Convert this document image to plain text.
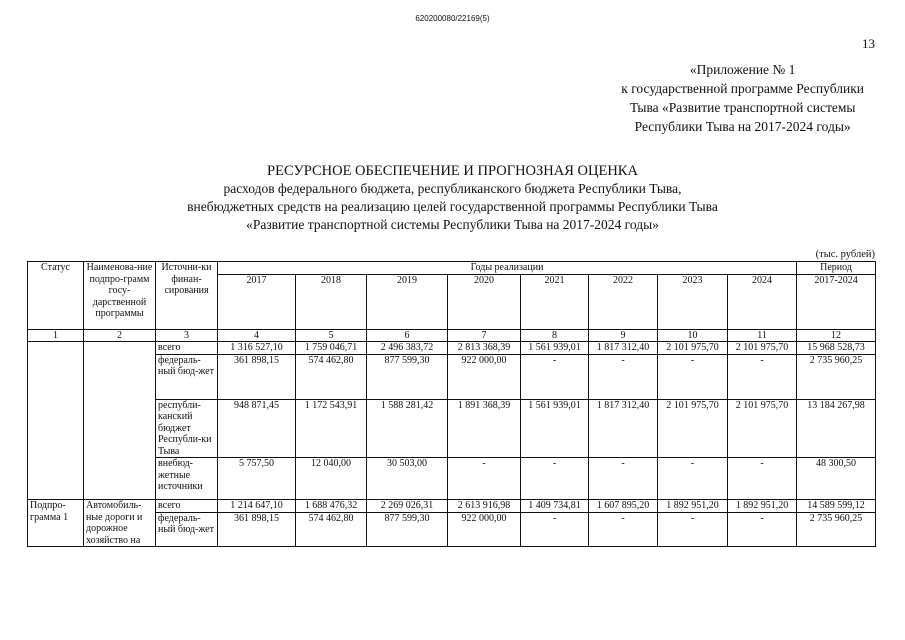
620200080/22169(5)
13
«Приложение № 1
к государственной программе Республики
Тыва «Развитие транспортной системы
Республики Тыва на 2017-2024 годы»
РЕСУРСНОЕ ОБЕСПЕЧЕНИЕ И ПРОГНОЗНАЯ ОЦЕНКА
расходов федерального бюджета, республиканского бюджета Республики Тыва,
внебюджетных средств на реализацию целей государственной программы Республики Тыва
«Развитие транспортной системы Республики Тыва на 2017-2024 годы»
(тыс. рублей)
Статус	Наименова-ние подпро-грамм госу-дарственной программы	Источни-ки финан-сирования	Годы реализации								Период
			2017	2018	2019	2020	2021	2022	2023	2024	2017-2024
1	2	3	4	5	6	7	8	9	10	11	12
		всего	1 316 527,10	1 759 046,71	2 496 383,72	2 813 368,39	1 561 939,01	1 817 312,40	2 101 975,70	2 101 975,70	15 968 528,73
		федераль-ный бюд-жет	361 898,15	574 462,80	877 599,30	922 000,00	-	-	-	-	2 735 960,25
		республи-канский бюджет Республи-ки Тыва	948 871,45	1 172 543,91	1 588 281,42	1 891 368,39	1 561 939,01	1 817 312,40	2 101 975,70	2 101 975,70	13 184 267,98
		внебюд-жетные источники	5 757,50	12 040,00	30 503,00	-	-	-	-	-	48 300,50
Подпро-грамма 1	Автомобиль-ные дороги и дорожное хозяйство на	всего	1 214 647,10	1 688 476,32	2 269 026,31	2 613 916,98	1 409 734,81	1 607 895,20	1 892 951,20	1 892 951,20	14 589 599,12
		федераль-ный бюд-жет	361 898,15	574 462,80	877 599,30	922 000,00	-	-	-	-	2 735 960,25
